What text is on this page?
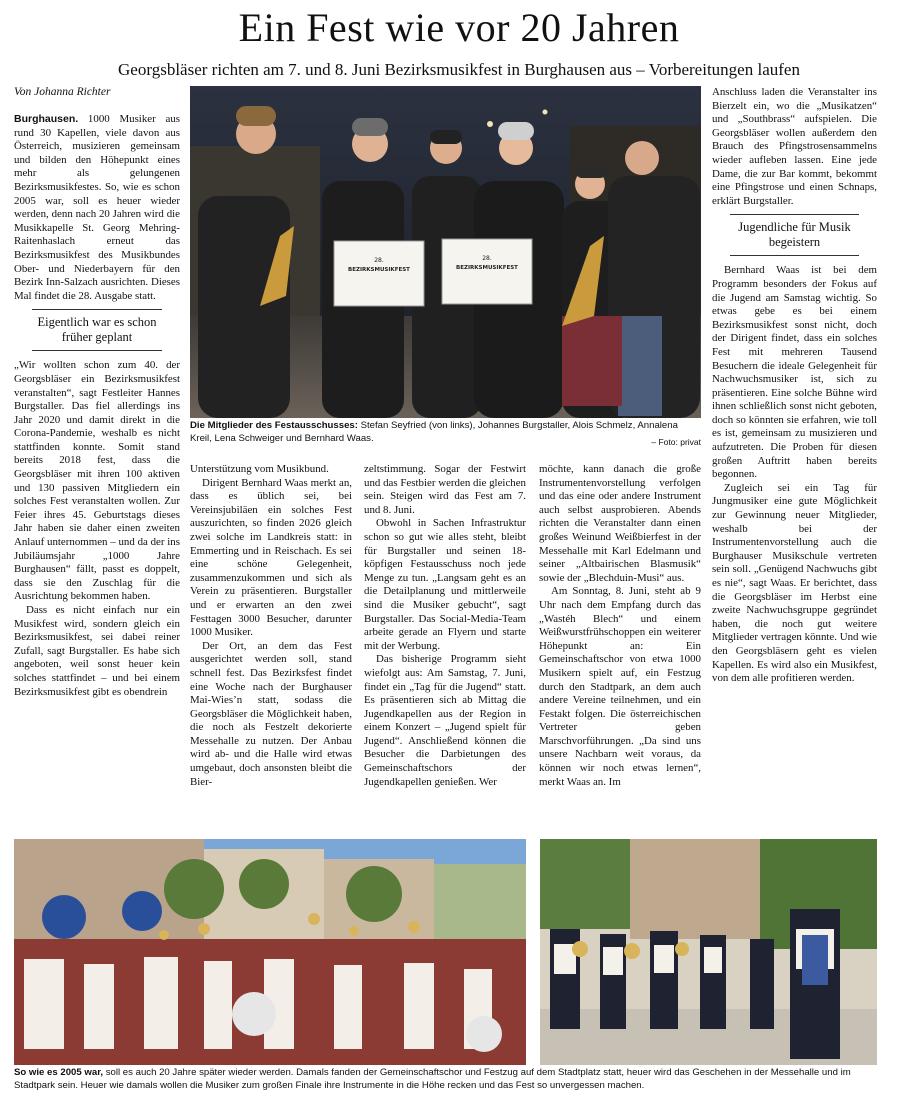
Ein Fest wie vor 20 Jahren
Georgsbläser richten am 7. und 8. Juni Bezirksmusikfest in Burghausen aus – Vorbereitungen laufen
Von Johanna Richter

Burghausen. 1000 Musiker aus rund 30 Kapellen, viele davon aus Österreich, musizieren gemeinsam und bilden den Höhepunkt eines mehr als gelungenen Bezirksmusikfestes. So, wie es schon 2005 war, soll es heuer wieder werden, denn nach 20 Jahren wird die Musikkapelle St. Georg Mehring-Raitenhaslach erneut das Bezirksmusikfest des Musikbundes Ober- und Niederbayern für den Bezirk Inn-Salzach ausrichten. Dieses Mal findet die 28. Ausgabe statt.

Eigentlich war es schon früher geplant

„Wir wollten schon zum 40. der Georgsbläser ein Bezirksmusikfest veranstalten“, sagt Festleiter Hannes Burgstaller. Das fiel allerdings ins Jahr 2020 und damit direkt in die Corona-Pandemie, weshalb es nicht stattfinden konnte. Somit stand bereits 2018 fest, dass die Georgsbläser mit ihren 100 aktiven und 130 passiven Mitgliedern ein solches Fest veranstalten wollen. Zur Feier ihres 45. Geburtstags dieses Jahr haben sie daher einen zweiten Anlauf unternommen – und da der ins Jubiläumsjahr „1000 Jahre Burghausen“ fällt, passt es doppelt, dass sie den Zuschlag für die Ausrichtung bekommen haben.

Dass es nicht einfach nur ein Musikfest wird, sondern gleich ein Bezirksmusikfest, sei dabei reiner Zufall, sagt Burgstaller. Es habe sich angeboten, weil sonst heuer kein solches stattfindet – und bei einem Bezirksmusikfest gibt es obendrein

28.
BEZIRKSMUSIKFEST
28.
BEZIRKSMUSIKFEST
Die Mitglieder des Festausschusses: Stefan Seyfried (von links), Johannes Burgstaller, Alois Schmelz, Annalena Kreil, Lena Schweiger und Bernhard Waas.	– Foto: privat

Unterstützung vom Musikbund.

Dirigent Bernhard Waas merkt an, dass es üblich sei, bei Vereinsjubiläen ein solches Fest auszurichten, so finden 2026 gleich zwei solche im Landkreis statt: in Emmerting und in Reischach. Es sei eine schöne Gelegenheit, zusammenzukommen und sich als Verein zu präsentieren. Burgstaller und er erwarten an den zwei Festtagen 3000 Besucher, darunter 1000 Musiker.

Der Ort, an dem das Fest ausgerichtet werden soll, stand schnell fest. Das Bezirksfest findet eine Woche nach der Burghauser Mai-Wies’n statt, sodass die Georgsbläser die Möglichkeit haben, die noch als Festzelt dekorierte Messehalle zu nutzen. Der Anbau wird ab- und die Halle wird etwas umgebaut, doch ansonsten bleibt die Bier-

zeltstimmung. Sogar der Festwirt und das Festbier werden die gleichen sein. Steigen wird das Fest am 7. und 8. Juni.

Obwohl in Sachen Infrastruktur schon so gut wie alles steht, bleibt für Burgstaller und seinen 18-köpfigen Festausschuss noch jede Menge zu tun. „Langsam geht es an die Detailplanung und mittlerweile sind die Musiker gebucht“, sagt Burgstaller. Das Social-Media-Team arbeite gerade an Flyern und starte mit der Werbung.

Das bisherige Programm sieht wiefolgt aus: Am Samstag, 7. Juni, findet ein „Tag für die Jugend“ statt. Es präsentieren sich ab Mittag die Jugendkapellen aus der Region in einem Konzert – „Jugend spielt für Jugend“. Anschließend können die Besucher die Darbietungen des Gemeinschaftschors der Jugendkapellen genießen. Wer

möchte, kann danach die große Instrumentenvorstellung verfolgen und das eine oder andere Instrument auch selbst ausprobieren. Abends richten die Veranstalter dann einen großes Weinund Weißbierfest in der Messehalle mit Karl Edelmann und seiner „Altbairischen Blasmusik“ sowie der „Blechduin-Musi“ aus.

Am Sonntag, 8. Juni, steht ab 9 Uhr nach dem Empfang durch das „Wastéh Blech“ und einem Weißwurstfrühschoppen ein weiterer Höhepunkt an: Ein Gemeinschaftschor von etwa 1000 Musikern spielt auf, ein Festzug durch den Stadtpark, an dem auch andere Vereine teilnehmen, und ein Festakt folgen. Die österreichischen Vertreter geben Marschvorführungen. „Da sind uns unsere Nachbarn weit voraus, da können wir noch etwas lernen“, merkt Waas an. Im

Anschluss laden die Veranstalter ins Bierzelt ein, wo die „Musikatzen“ und „Southbrass“ aufspielen. Die Georgsbläser wollen außerdem den Brauch des Pfingstrosensammelns wieder aufleben lassen. Eine jede Dame, die zur Bar kommt, bekommt eine Pfingstrose und einen Schnaps, erklärt Burgstaller.

Jugendliche für Musik begeistern

Bernhard Waas ist bei dem Programm besonders der Fokus auf die Jugend am Samstag wichtig. So etwas gebe es bei einem Bezirksmusikfest sonst nicht, doch der Dirigent findet, dass ein solches Fest mit mehreren Tausend Besuchern die ideale Gelegenheit für Nachwuchsmusiker ist, sich zu präsentieren. Eine solche Bühne wird ihnen schließlich sonst nicht geboten, doch so könnten sie erfahren, wie toll es ist, gemeinsam zu musizieren und aufzutreten. Die Proben für diesen großen Auftritt haben bereits begonnen.

Zugleich sei ein Tag für Jungmusiker eine gute Möglichkeit zur Gewinnung neuer Mitglieder, weshalb bei der Instrumentenvorstellung auch die Burghauser Musikschule vertreten sein soll. „Genügend Nachwuchs gibt es nie“, sagt Waas. Er berichtet, dass die Georgsbläser im Herbst eine zweite Nachwuchsgruppe gegründet haben, die noch gut weitere Mitglieder vertragen könnte. Und wie den Georgsbläsern geht es vielen Kapellen. Es wird also ein Musikfest, von dem alle profitieren werden.

So wie es 2005 war, soll es auch 20 Jahre später wieder werden. Damals fanden der Gemeinschaftschor und Festzug auf dem Stadtplatz statt, heuer wird das Geschehen in der Messehalle und im Stadtpark sein. Heuer wie damals wollen die Musiker zum großen Finale ihre Instrumente in die Höhe recken und das Fest so unvergessen machen.
